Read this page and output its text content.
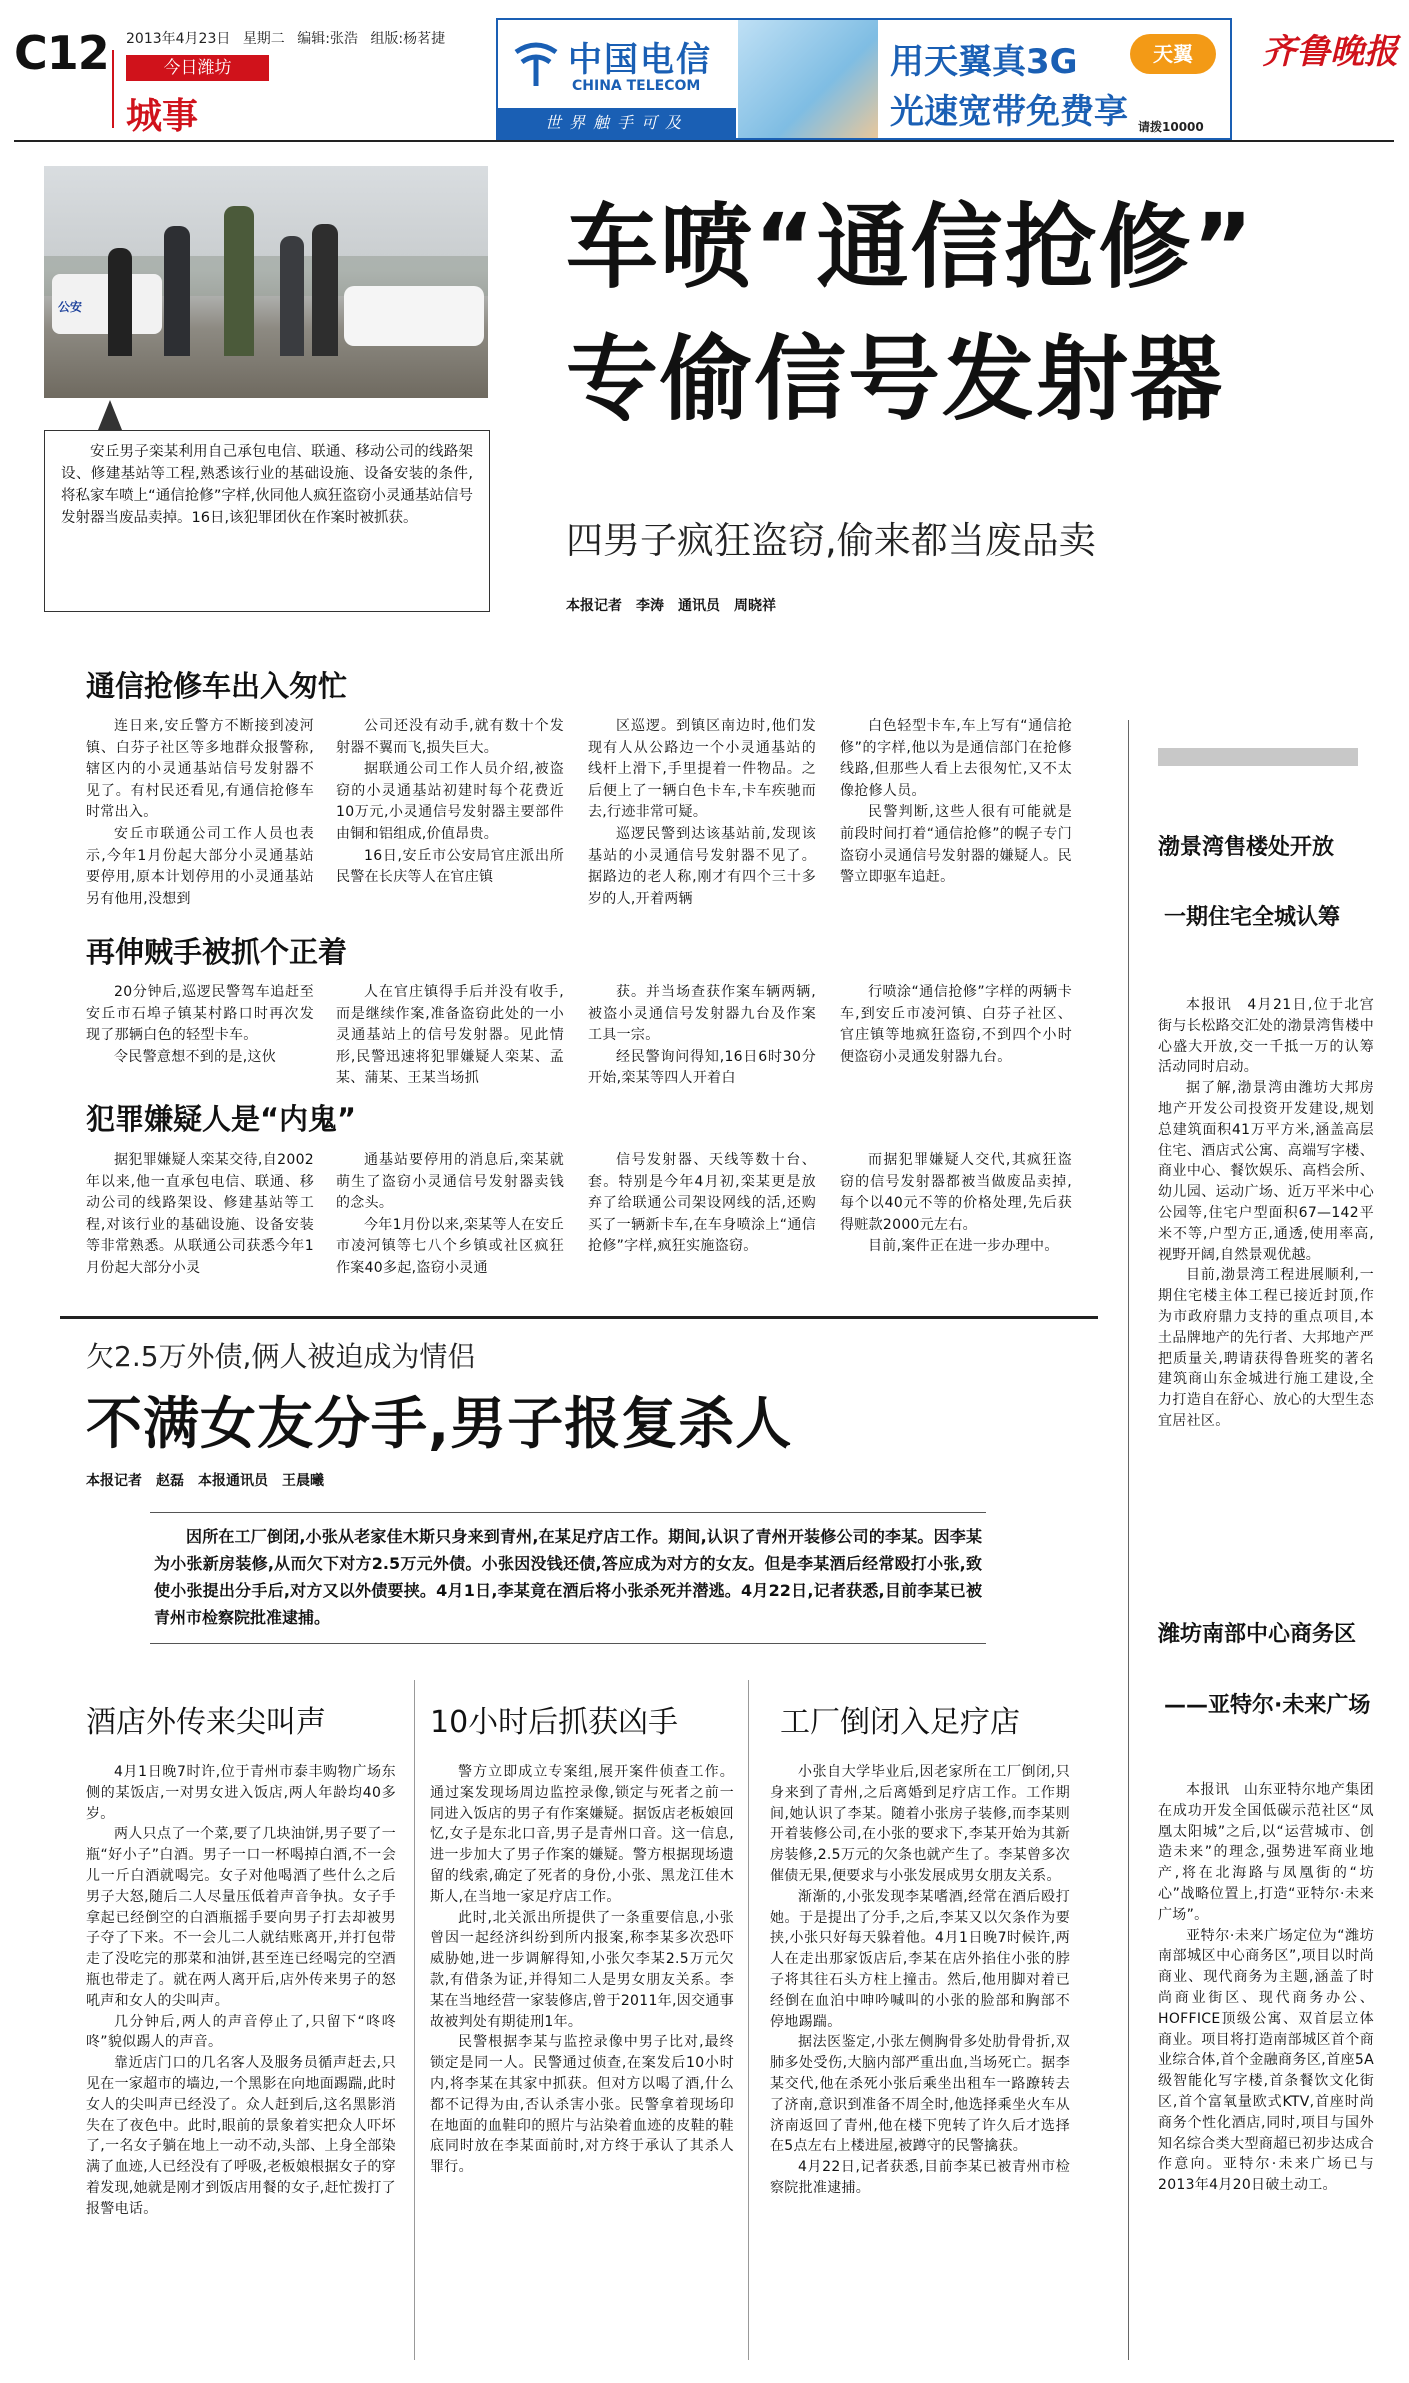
C12 2013年4月23日 星期二 编辑:张浩 组版:杨茗捷
今日潍坊
城事
中国电信
CHINA TELECOM
世界触手可及
用天翼真3G
光速宽带免费享
天翼
请拨10000
齐鲁晚报
公安
安丘男子栾某利用自己承包电信、联通、移动公司的线路架设、修建基站等工程,熟悉该行业的基础设施、设备安装的条件,将私家车喷上“通信抢修”字样,伙同他人疯狂盗窃小灵通基站信号发射器当废品卖掉。16日,该犯罪团伙在作案时被抓获。
车喷“通信抢修”
专偷信号发射器
四男子疯狂盗窃,偷来都当废品卖
本报记者　李涛　通讯员　周晓祥
通信抢修车出入匆忙

连日来,安丘警方不断接到凌河镇、白芬子社区等多地群众报警称,辖区内的小灵通基站信号发射器不见了。有村民还看见,有通信抢修车时常出入。

安丘市联通公司工作人员也表示,今年1月份起大部分小灵通基站要停用,原本计划停用的小灵通基站另有他用,没想到

公司还没有动手,就有数十个发射器不翼而飞,损失巨大。

据联通公司工作人员介绍,被盗窃的小灵通基站初建时每个花费近10万元,小灵通信号发射器主要部件由铜和铝组成,价值昂贵。

16日,安丘市公安局官庄派出所民警在长庆等人在官庄镇

区巡逻。到镇区南边时,他们发现有人从公路边一个小灵通基站的线杆上滑下,手里提着一件物品。之后便上了一辆白色卡车,卡车疾驰而去,行迹非常可疑。

巡逻民警到达该基站前,发现该基站的小灵通信号发射器不见了。据路边的老人称,刚才有四个三十多岁的人,开着两辆

白色轻型卡车,车上写有“通信抢修”的字样,他以为是通信部门在抢修线路,但那些人看上去很匆忙,又不太像抢修人员。

民警判断,这些人很有可能就是前段时间打着“通信抢修”的幌子专门盗窃小灵通信号发射器的嫌疑人。民警立即驱车追赶。

再伸贼手被抓个正着

20分钟后,巡逻民警驾车追赶至安丘市石埠子镇某村路口时再次发现了那辆白色的轻型卡车。

令民警意想不到的是,这伙

人在官庄镇得手后并没有收手,而是继续作案,准备盗窃此处的一小灵通基站上的信号发射器。见此情形,民警迅速将犯罪嫌疑人栾某、孟某、蒲某、王某当场抓

获。并当场查获作案车辆两辆,被盗小灵通信号发射器九台及作案工具一宗。

经民警询问得知,16日6时30分开始,栾某等四人开着白

行喷涂“通信抢修”字样的两辆卡车,到安丘市凌河镇、白芬子社区、官庄镇等地疯狂盗窃,不到四个小时便盗窃小灵通发射器九台。

犯罪嫌疑人是“内鬼”

据犯罪嫌疑人栾某交待,自2002年以来,他一直承包电信、联通、移动公司的线路架设、修建基站等工程,对该行业的基础设施、设备安装等非常熟悉。从联通公司获悉今年1月份起大部分小灵

通基站要停用的消息后,栾某就萌生了盗窃小灵通信号发射器卖钱的念头。

今年1月份以来,栾某等人在安丘市凌河镇等七八个乡镇或社区疯狂作案40多起,盗窃小灵通

信号发射器、天线等数十台、套。特别是今年4月初,栾某更是放弃了给联通公司架设网线的活,还购买了一辆新卡车,在车身喷涂上“通信抢修”字样,疯狂实施盗窃。

而据犯罪嫌疑人交代,其疯狂盗窃的信号发射器都被当做废品卖掉,每个以40元不等的价格处理,先后获得赃款2000元左右。

目前,案件正在进一步办理中。

欠2.5万外债,俩人被迫成为情侣
不满女友分手,男子报复杀人
本报记者　赵磊　本报通讯员　王晨曦
因所在工厂倒闭,小张从老家佳木斯只身来到青州,在某足疗店工作。期间,认识了青州开装修公司的李某。因李某为小张新房装修,从而欠下对方2.5万元外债。小张因没钱还债,答应成为对方的女友。但是李某酒后经常殴打小张,致使小张提出分手后,对方又以外债要挟。4月1日,李某竟在酒后将小张杀死并潜逃。4月22日,记者获悉,目前李某已被青州市检察院批准逮捕。
酒店外传来尖叫声	10小时后抓获凶手	工厂倒闭入足疗店

4月1日晚7时许,位于青州市泰丰购物广场东侧的某饭店,一对男女进入饭店,两人年龄均40多岁。

两人只点了一个菜,要了几块油饼,男子要了一瓶“好小子”白酒。男子一口一杯喝掉白酒,不一会儿一斤白酒就喝完。女子对他喝酒了些什么之后男子大怒,随后二人尽量压低着声音争执。女子手拿起已经倒空的白酒瓶摇手要向男子打去却被男子夺了下来。不一会儿二人就结账离开,并打包带走了没吃完的那菜和油饼,甚至连已经喝完的空酒瓶也带走了。就在两人离开后,店外传来男子的怒吼声和女人的尖叫声。

几分钟后,两人的声音停止了,只留下“咚咚咚”貌似踢人的声音。

靠近店门口的几名客人及服务员循声赶去,只见在一家超市的墙边,一个黑影在向地面踢踹,此时女人的尖叫声已经没了。众人赶到后,这名黑影消失在了夜色中。此时,眼前的景象着实把众人吓坏了,一名女子躺在地上一动不动,头部、上身全部染满了血迹,人已经没有了呼吸,老板娘根据女子的穿着发现,她就是刚才到饭店用餐的女子,赶忙拨打了报警电话。

警方立即成立专案组,展开案件侦查工作。通过案发现场周边监控录像,锁定与死者之前一同进入饭店的男子有作案嫌疑。据饭店老板娘回忆,女子是东北口音,男子是青州口音。这一信息,进一步加大了男子作案的嫌疑。警方根据现场遗留的线索,确定了死者的身份,小张、黑龙江佳木斯人,在当地一家足疗店工作。

此时,北关派出所提供了一条重要信息,小张曾因一起经济纠纷到所内报案,称李某多次恐吓威胁她,进一步调解得知,小张欠李某2.5万元欠款,有借条为证,并得知二人是男女朋友关系。李某在当地经营一家装修店,曾于2011年,因交通事故被判处有期徒刑1年。

民警根据李某与监控录像中男子比对,最终锁定是同一人。民警通过侦查,在案发后10小时内,将李某在其家中抓获。但对方以喝了酒,什么都不记得为由,否认杀害小张。民警拿着现场印在地面的血鞋印的照片与沾染着血迹的皮鞋的鞋底同时放在李某面前时,对方终于承认了其杀人罪行。

小张自大学毕业后,因老家所在工厂倒闭,只身来到了青州,之后离婚到足疗店工作。工作期间,她认识了李某。随着小张房子装修,而李某则开着装修公司,在小张的要求下,李某开始为其新房装修,2.5万元的欠条也就产生了。李某曾多次催债无果,便要求与小张发展成男女朋友关系。

渐渐的,小张发现李某嗜酒,经常在酒后殴打她。于是提出了分手,之后,李某又以欠条作为要挟,小张只好每天躲着他。4月1日晚7时候许,两人在走出那家饭店后,李某在店外掐住小张的脖子将其往石头方柱上撞击。然后,他用脚对着已经倒在血泊中呻吟喊叫的小张的脸部和胸部不停地踢踹。

据法医鉴定,小张左侧胸骨多处肋骨骨折,双肺多处受伤,大脑内部严重出血,当场死亡。据李某交代,他在杀死小张后乘坐出租车一路蹽转去了济南,意识到准备不周全时,他选择乘坐火车从济南返回了青州,他在楼下兜转了许久后才选择在5点左右上楼进屋,被蹲守的民警擒获。

4月22日,记者获悉,目前李某已被青州市检察院批准逮捕。

渤景湾售楼处开放
一期住宅全城认筹

本报讯　4月21日,位于北宫街与长松路交汇处的渤景湾售楼中心盛大开放,交一千抵一万的认筹活动同时启动。

据了解,渤景湾由潍坊大邦房地产开发公司投资开发建设,规划总建筑面积41万平方米,涵盖高层住宅、酒店式公寓、高端写字楼、商业中心、餐饮娱乐、高档会所、幼儿园、运动广场、近万平米中心公园等,住宅户型面积67—142平米不等,户型方正,通透,使用率高,视野开阔,自然景观优越。

目前,渤景湾工程进展顺利,一期住宅楼主体工程已接近封顶,作为市政府鼎力支持的重点项目,本土品牌地产的先行者、大邦地产严把质量关,聘请获得鲁班奖的著名建筑商山东金城进行施工建设,全力打造自在舒心、放心的大型生态宜居社区。

潍坊南部中心商务区
——亚特尔·未来广场

本报讯　山东亚特尔地产集团在成功开发全国低碳示范社区“凤凰太阳城”之后,以“运营城市、创造未来”的理念,强势进军商业地产,将在北海路与凤凰街的“坊心”战略位置上,打造“亚特尔·未来广场”。

亚特尔·未来广场定位为“潍坊南部城区中心商务区”,项目以时尚商业、现代商务为主题,涵盖了时尚商业街区、现代商务办公、HOFFICE顶级公寓、双首层立体商业。项目将打造南部城区首个商业综合体,首个金融商务区,首座5A级智能化写字楼,首条餐饮文化街区,首个富氧量欧式KTV,首座时尚商务个性化酒店,同时,项目与国外知名综合类大型商超已初步达成合作意向。亚特尔·未来广场已与2013年4月20日破土动工。
